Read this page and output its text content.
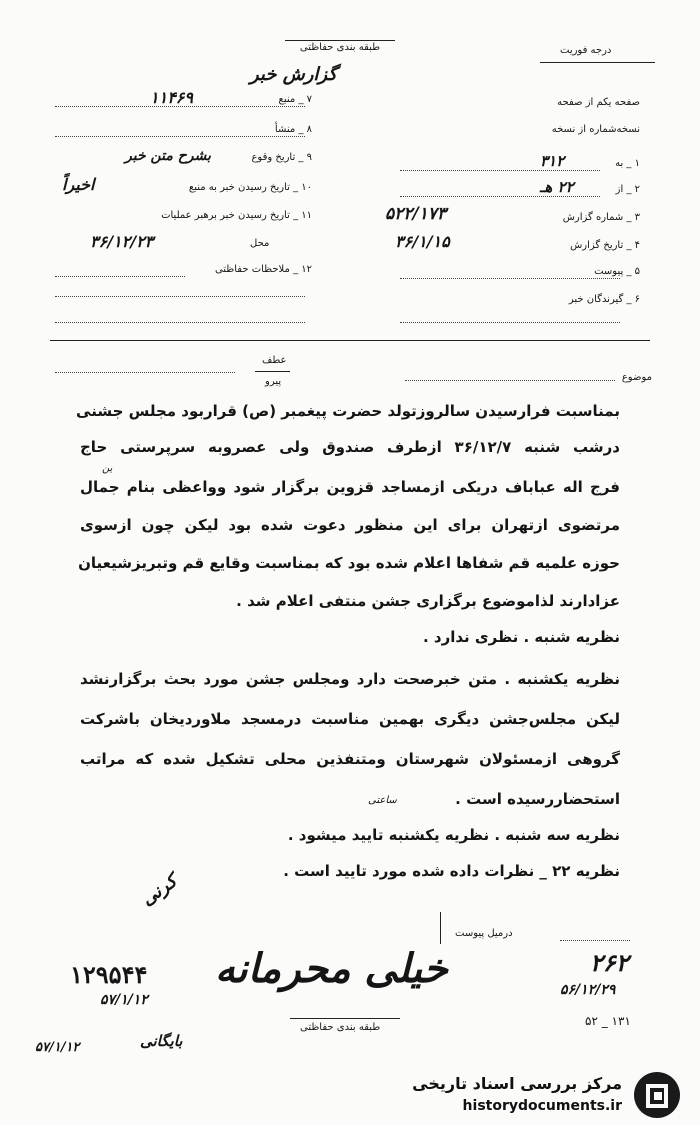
طبقه بندی حفاظتی
گزارش خبر
درجه فوریت
۷ _ منبع
۱۱۴۶۹
۸ _ منشأ
۹ _ تاریخ وقوع
بشرح متن خبر
۱۰ _ تاریخ رسیدن خبر به منبع
اخیراً
۱۱ _ تاریخ رسیدن خبر برهبر عملیات
محل
۳۶/۱۲/۲۳
۱۲ _ ملاحظات حفاظتی
صفحه یکم از صفحه
نسخه‌شماره از نسخه
۱ _ به
۳۱۲
۲ _ از
۲۲ هـ
۳ _ شماره گزارش
۵۲۲/۱۷۳
۴ _ تاریخ گزارش
۳۶/۱/۱۵
۵ _ پیوست
۶ _ گیرندگان خبر
عطف
پیرو	موضوع
بمناسبت فرارسیدن سالروزتولد حضرت پیغمبر (ص) قراربود مجلس جشنی
درشب شنبه ۳۶/۱۲/۷ ازطرف صندوق ولی عصروبه سرپرستی حاج
ین
فرج اله عباباف دریکی ازمساجد قزوین برگزار شود وواعظی بنام جمال
مرتضوی ازتهران برای این منظور دعوت شده بود لیکن چون ازسوی
حوزه علمیه قم شفاها اعلام شده بود که بمناسبت وقایع قم وتبریزشیعیان
عزادارند لذاموضوع برگزاری جشن منتفی اعلام شد .
نظریه شنبه . نظری ندارد .
نظریه یکشنبه . متن خبرصحت دارد ومجلس جشن مورد بحث برگزارنشد
لیکن مجلس‌جشن دیگری بهمین مناسبت درمسجد ملاوردیخان باشرکت
گروهی ازمسئولان شهرستان ومتنفذین محلی تشکیل شده که مراتب
استحضاررسیده است .
ساعتی
نظریه سه شنبه . نظریه یکشنبه تایید میشود .
نظریه ۲۲ _ نظرات داده شده مورد تایید است .
کرنی
درمیل پیوست
خیلی محرمانه
۱۲۹۵۴۴
۵۷/۱/۱۲
۲۶۲
۵۶/۱۲/۲۹
بایگانی
۵۷/۱/۱۲
طبقه بندی حفاظتی	۵۲ _ ۱۳۱
مرکز بررسی اسناد تاریخی
historydocuments.ir
